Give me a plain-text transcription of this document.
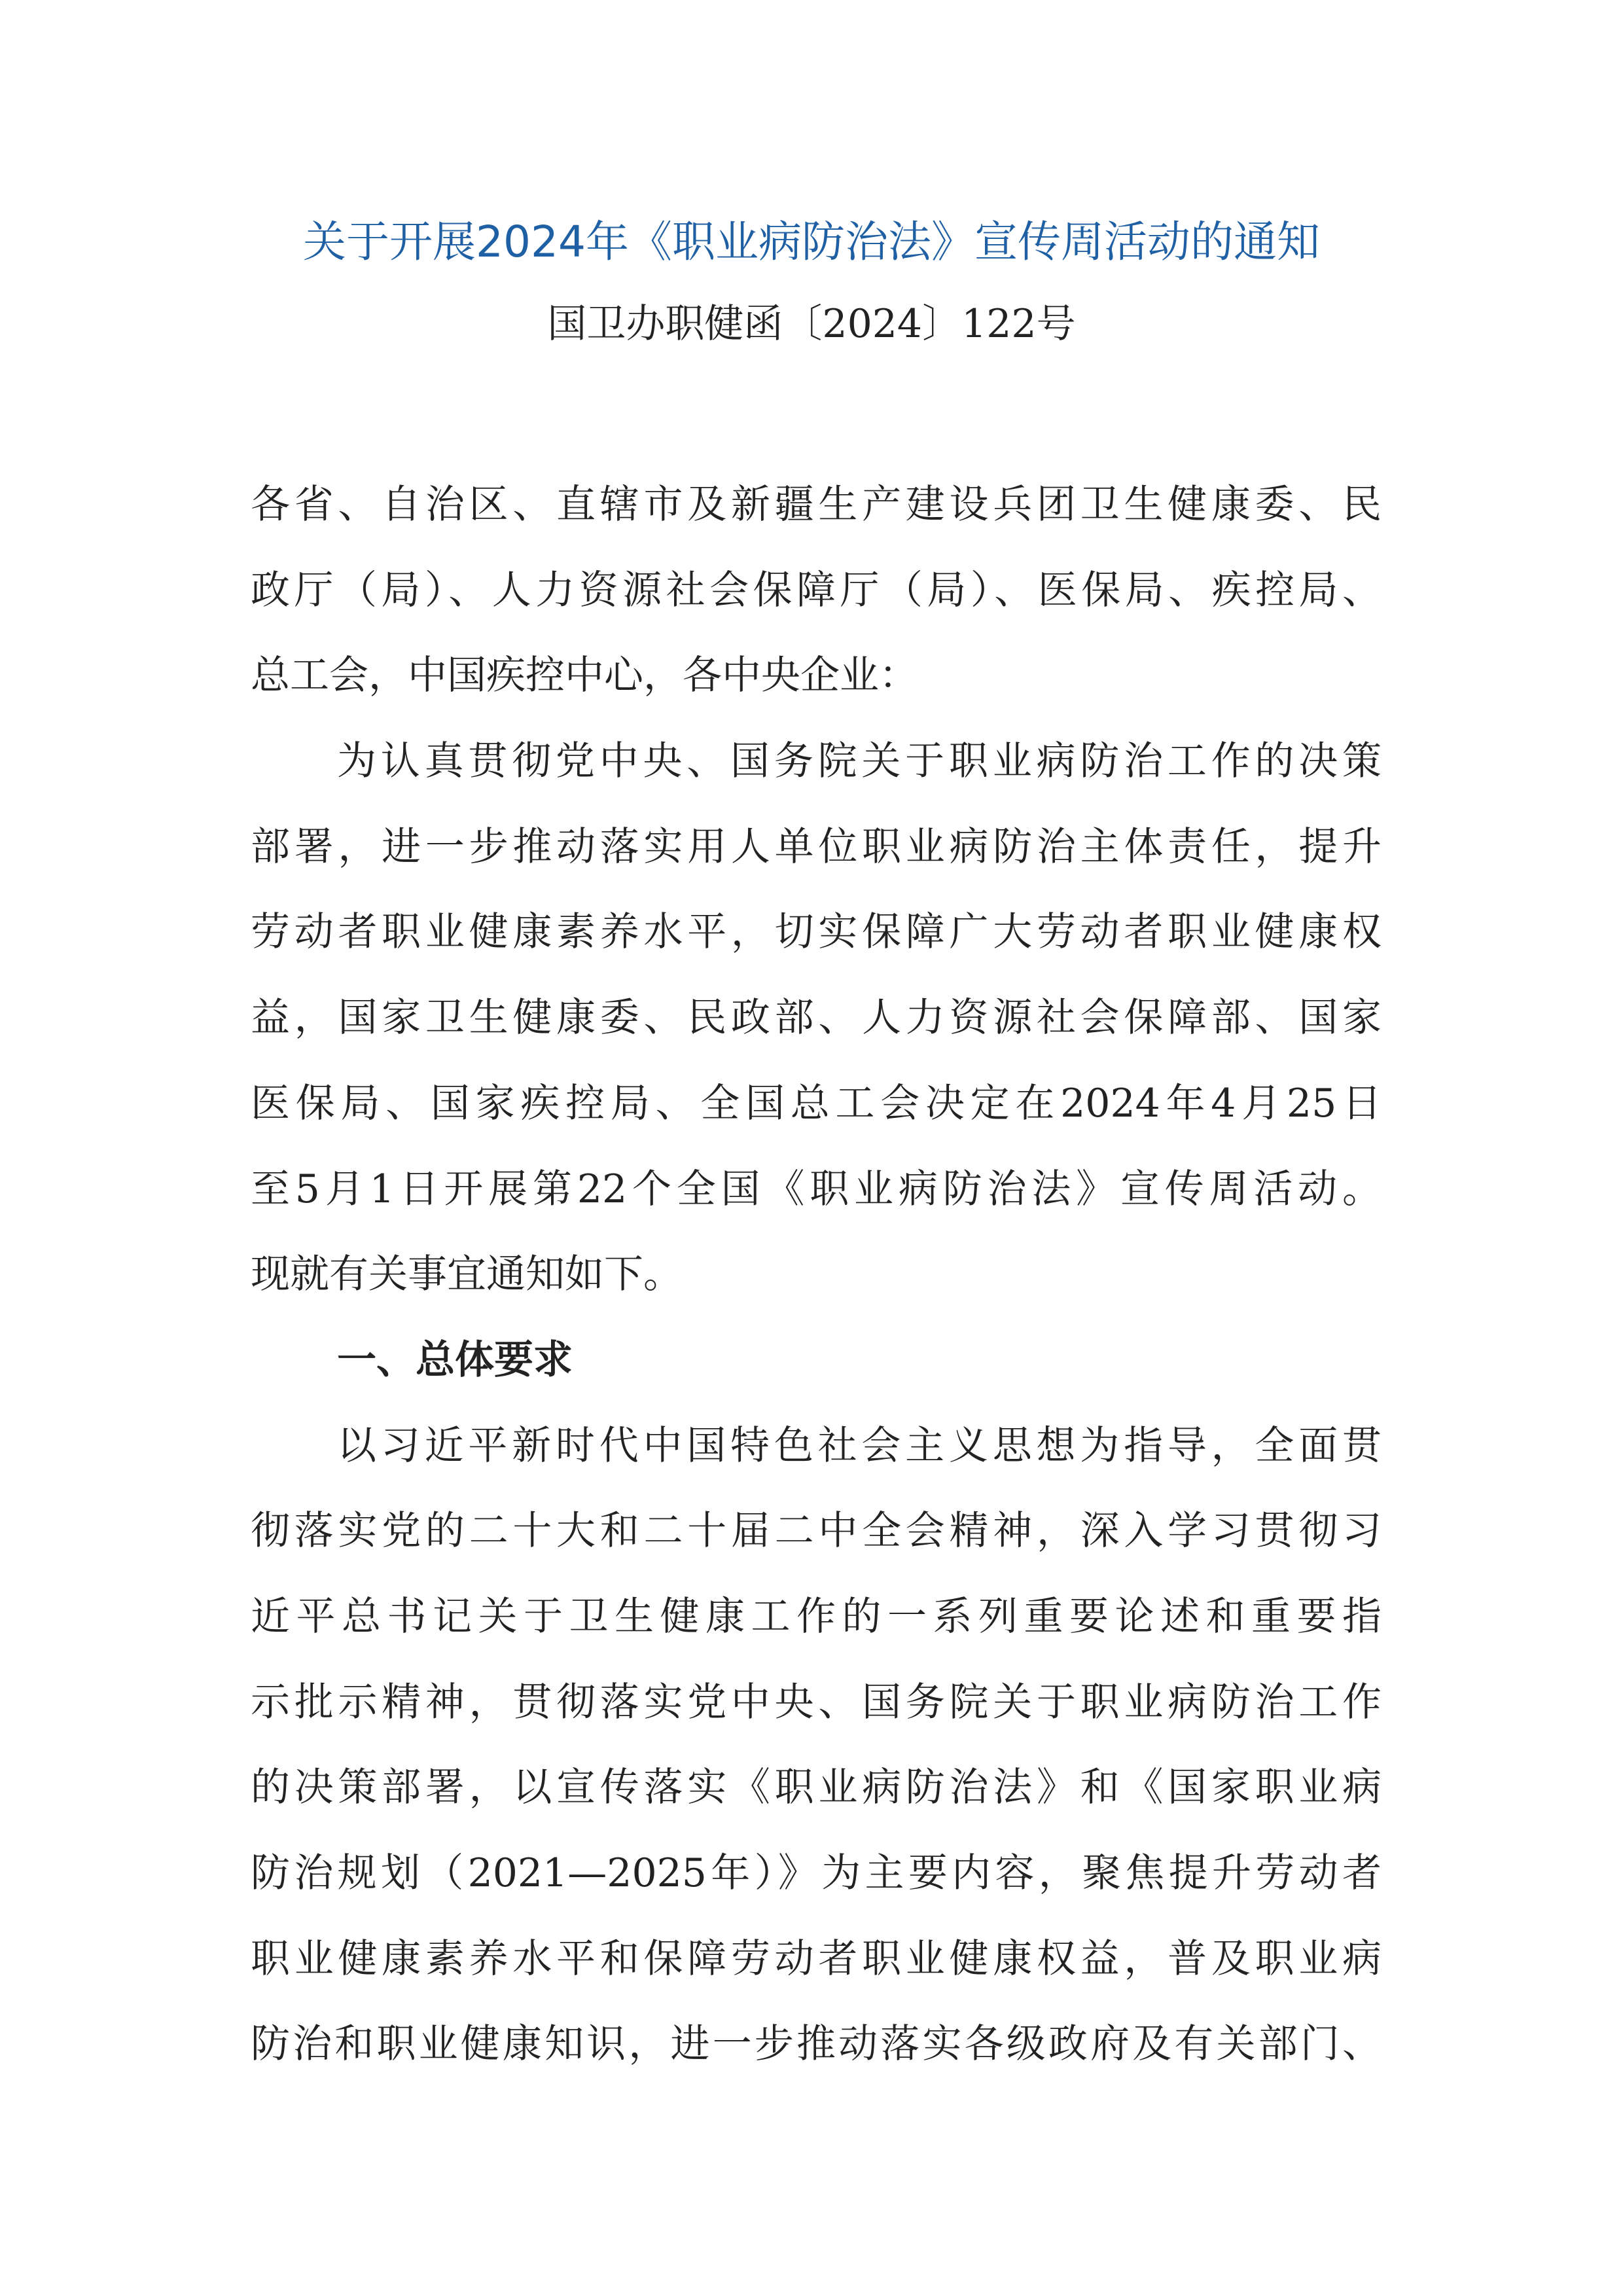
关于开展2024年《职业病防治法》宣传周活动的通知
国卫办职健函〔2024〕122号
各省、自治区、直辖市及新疆生产建设兵团卫生健康委、民
政厅（局）、人力资源社会保障厅（局）、医保局、疾控局、
总工会，中国疾控中心，各中央企业：
为认真贯彻党中央、国务院关于职业病防治工作的决策
部署，进一步推动落实用人单位职业病防治主体责任，提升
劳动者职业健康素养水平，切实保障广大劳动者职业健康权
益，国家卫生健康委、民政部、人力资源社会保障部、国家
医保局、国家疾控局、全国总工会决定在2024年4月25日
至5月1日开展第22个全国《职业病防治法》宣传周活动。
现就有关事宜通知如下。
一、总体要求
以习近平新时代中国特色社会主义思想为指导，全面贯
彻落实党的二十大和二十届二中全会精神，深入学习贯彻习
近平总书记关于卫生健康工作的一系列重要论述和重要指
示批示精神，贯彻落实党中央、国务院关于职业病防治工作
的决策部署，以宣传落实《职业病防治法》和《国家职业病
防治规划（2021—2025年）》为主要内容，聚焦提升劳动者
职业健康素养水平和保障劳动者职业健康权益，普及职业病
防治和职业健康知识，进一步推动落实各级政府及有关部门、
